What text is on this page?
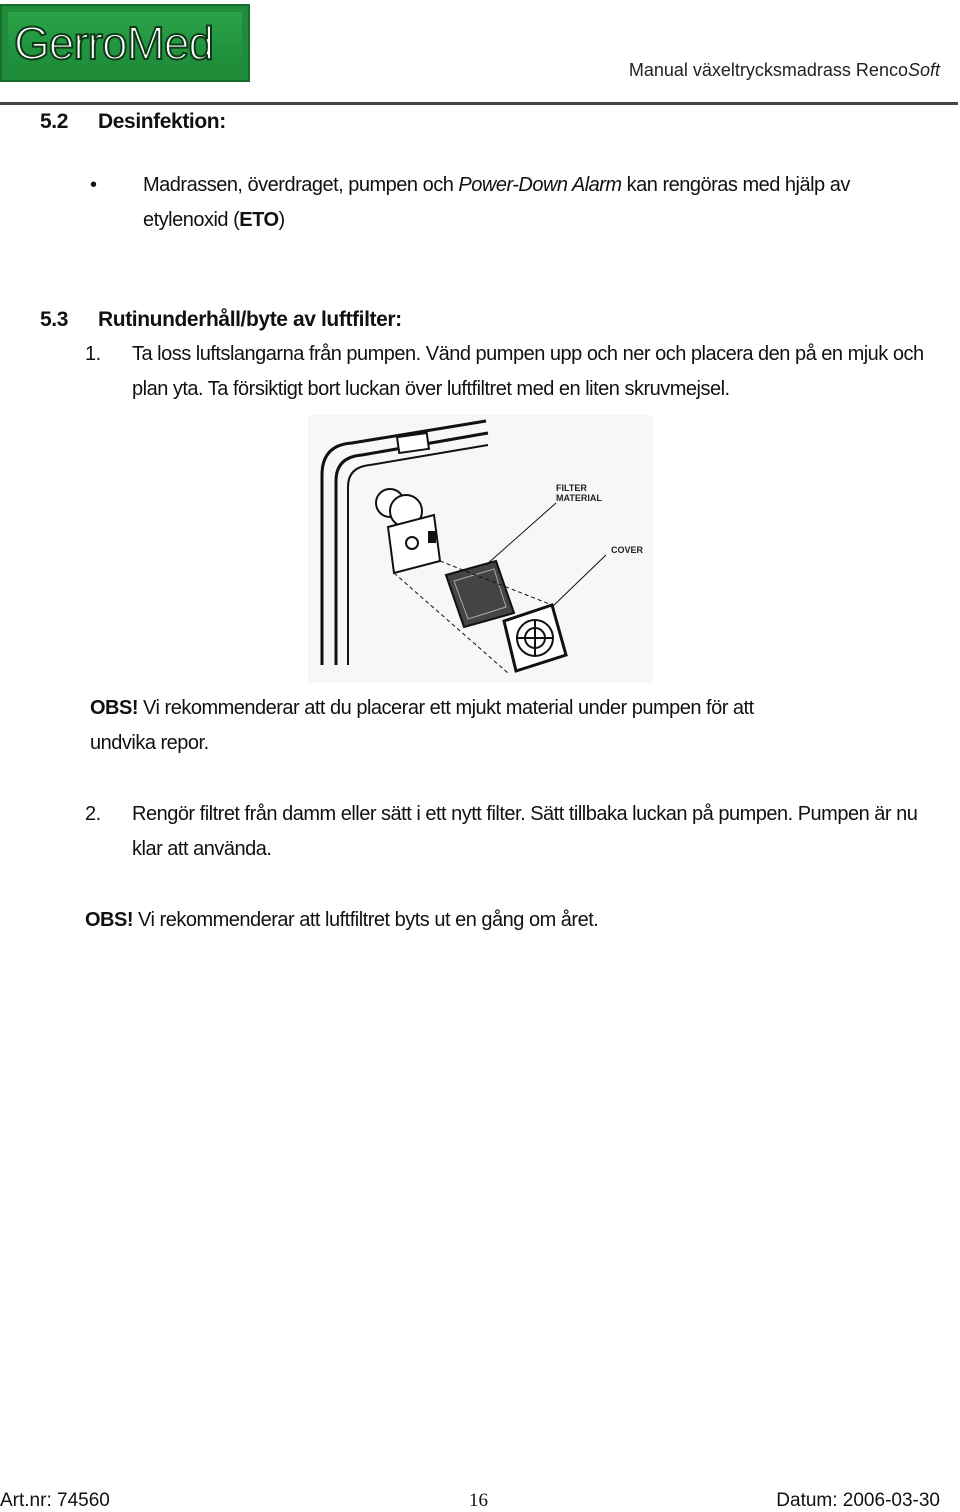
GerroMed
Manual växeltrycksmadrass RencoSoft
5.2 Desinfektion:
• Madrassen, överdraget, pumpen och Power-Down Alarm kan rengöras med hjälp av
etylenoxid (ETO)
5.3 Rutinunderhåll/byte av luftfilter:
1. Ta loss luftslangarna från pumpen. Vänd pumpen upp och ner och placera den på en mjuk och
plan yta. Ta försiktigt bort luckan över luftfiltret med en liten skruvmejsel.
FILTER
MATERIAL
COVER
OBS! Vi rekommenderar att du placerar ett mjukt material under pumpen för att
undvika repor.
2. Rengör filtret från damm eller sätt i ett nytt filter. Sätt tillbaka luckan på pumpen. Pumpen är nu
klar att använda.
OBS! Vi rekommenderar att luftfiltret byts ut en gång om året.
Art.nr: 74560	16	Datum: 2006-03-30
